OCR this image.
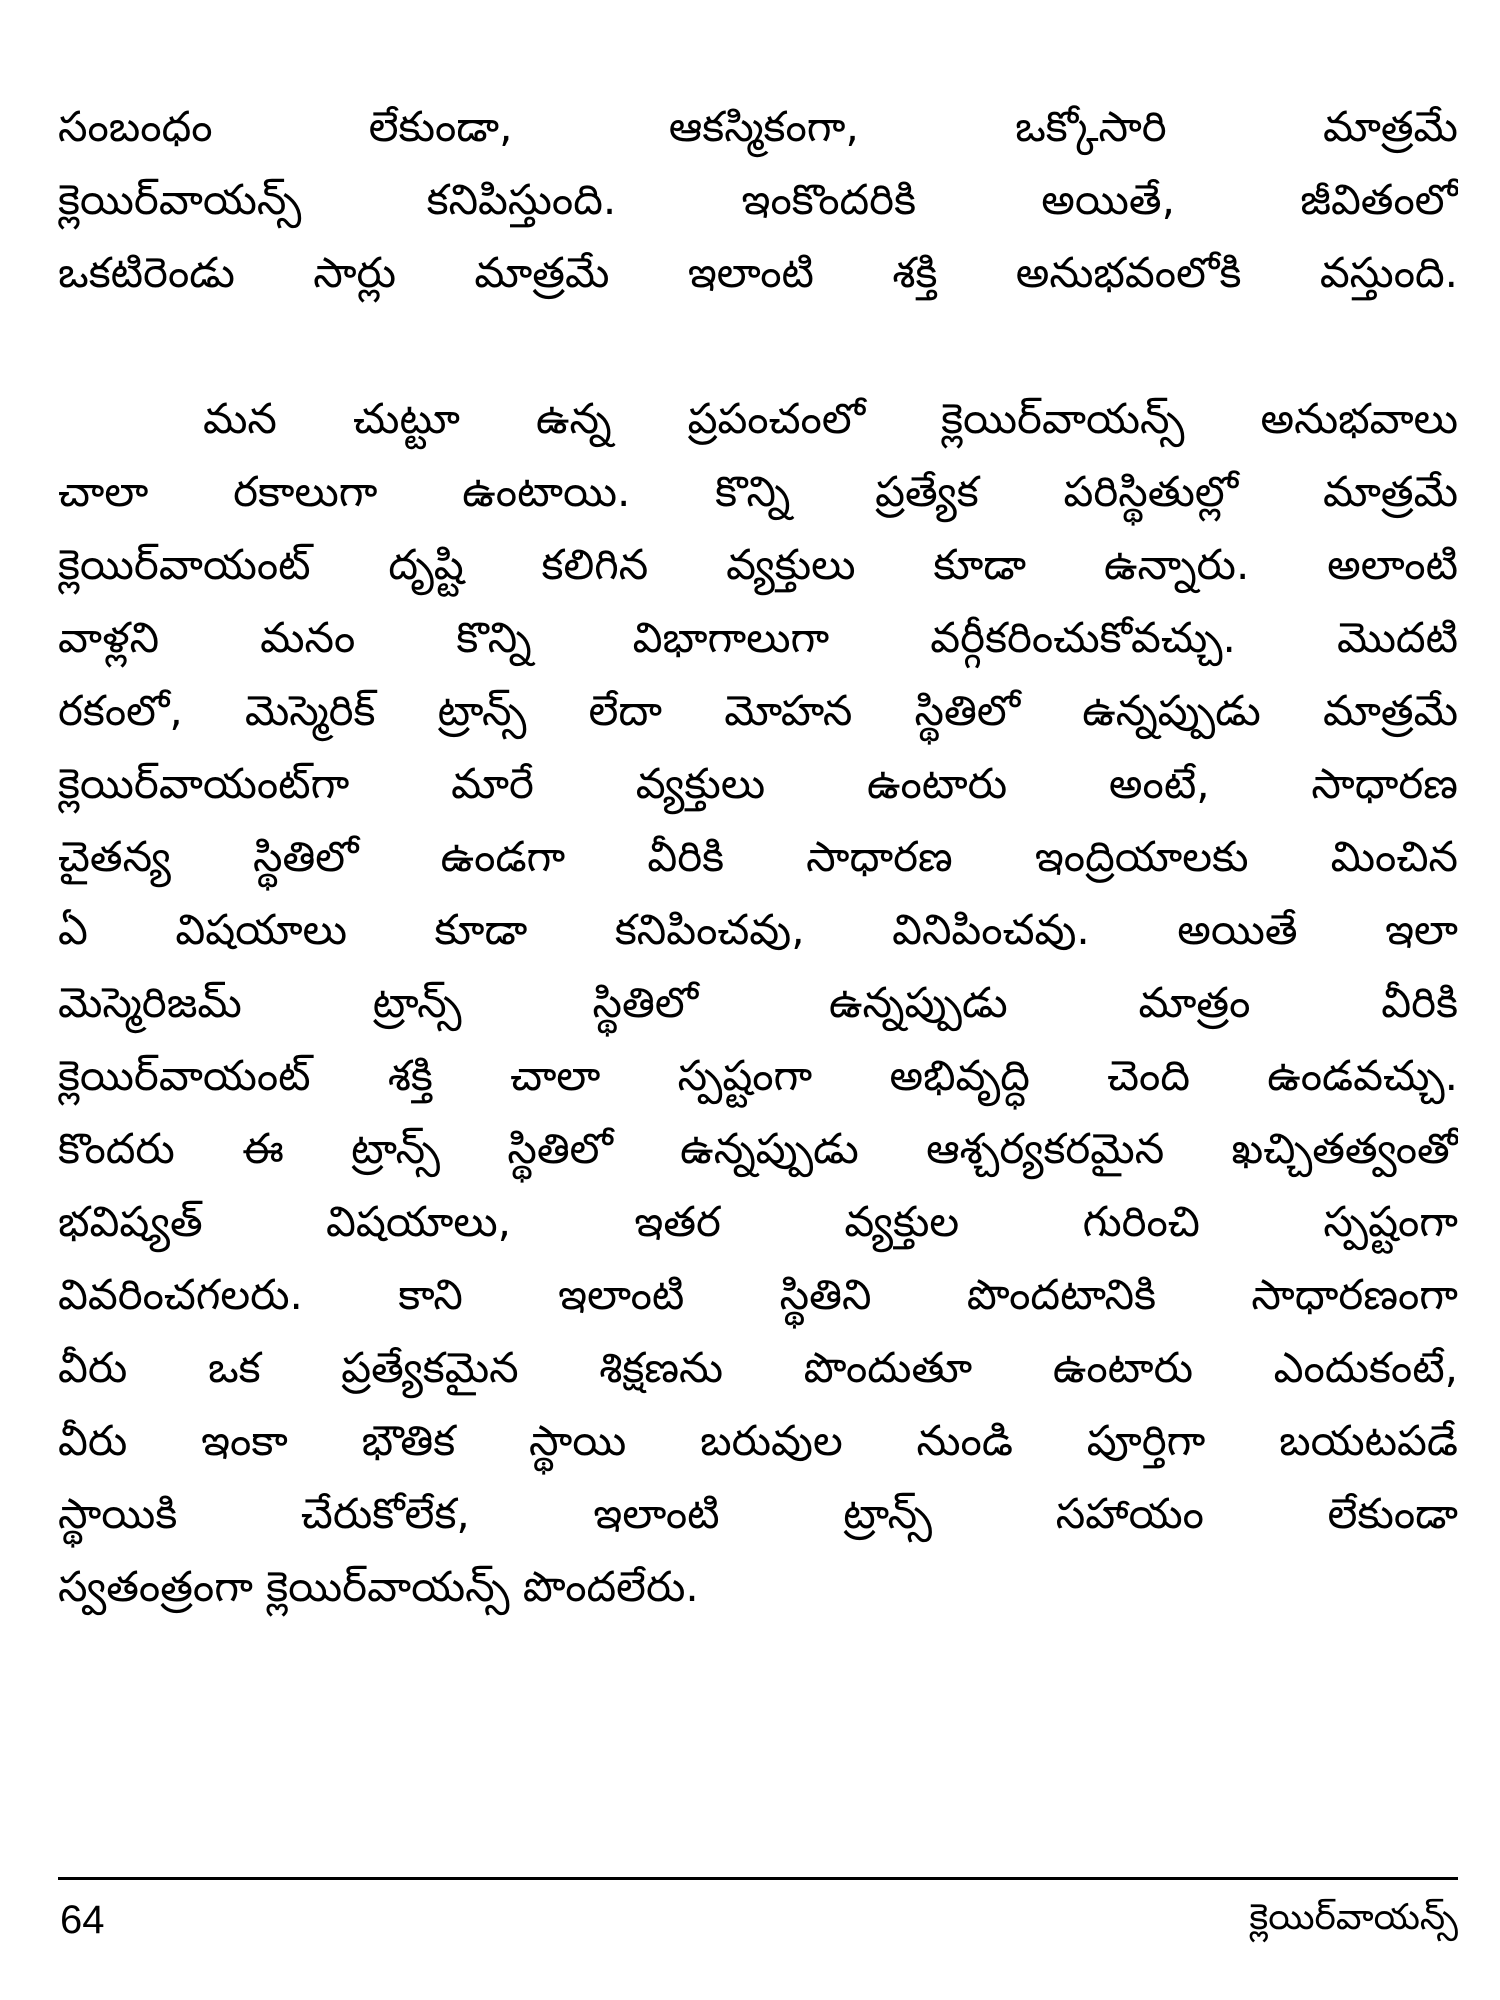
సంబంధం లేకుండా, ఆకస్మికంగా, ఒక్కోసారి మాత్రమే
క్లెయిర్‌వాయన్స్ కనిపిస్తుంది. ఇంకొందరికి అయితే, జీవితంలో
ఒకటిరెండు సార్లు మాత్రమే ఇలాంటి శక్తి అనుభవంలోకి వస్తుంది.
మన చుట్టూ ఉన్న ప్రపంచంలో క్లెయిర్‌వాయన్స్ అనుభవాలు
చాలా రకాలుగా ఉంటాయి. కొన్ని ప్రత్యేక పరిస్థితుల్లో మాత్రమే
క్లెయిర్‌వాయంట్ దృష్టి కలిగిన వ్యక్తులు కూడా ఉన్నారు. అలాంటి
వాళ్లని మనం కొన్ని విభాగాలుగా వర్గీకరించుకోవచ్చు. మొదటి
రకంలో, మెస్మెరిక్ ట్రాన్స్ లేదా మోహన స్థితిలో ఉన్నప్పుడు మాత్రమే
క్లెయిర్‌వాయంట్‌గా మారే వ్యక్తులు ఉంటారు అంటే, సాధారణ
చైతన్య స్థితిలో ఉండగా వీరికి సాధారణ ఇంద్రియాలకు మించిన
ఏ విషయాలు కూడా కనిపించవు, వినిపించవు. అయితే ఇలా
మెస్మెరిజమ్ ట్రాన్స్ స్థితిలో ఉన్నప్పుడు మాత్రం వీరికి
క్లెయిర్‌వాయంట్ శక్తి చాలా స్పష్టంగా అభివృద్ధి చెంది ఉండవచ్చు.
కొందరు ఈ ట్రాన్స్ స్థితిలో ఉన్నప్పుడు ఆశ్చర్యకరమైన ఖచ్చితత్వంతో
భవిష్యత్ విషయాలు, ఇతర వ్యక్తుల గురించి స్పష్టంగా
వివరించగలరు. కాని ఇలాంటి స్థితిని పొందటానికి సాధారణంగా
వీరు ఒక ప్రత్యేకమైన శిక్షణను పొందుతూ ఉంటారు ఎందుకంటే,
వీరు ఇంకా భౌతిక స్థాయి బరువుల నుండి పూర్తిగా బయటపడే
స్థాయికి చేరుకోలేక, ఇలాంటి ట్రాన్స్ సహాయం లేకుండా
స్వతంత్రంగా క్లెయిర్‌వాయన్స్ పొందలేరు.
64	క్లెయిర్‌వాయన్స్
